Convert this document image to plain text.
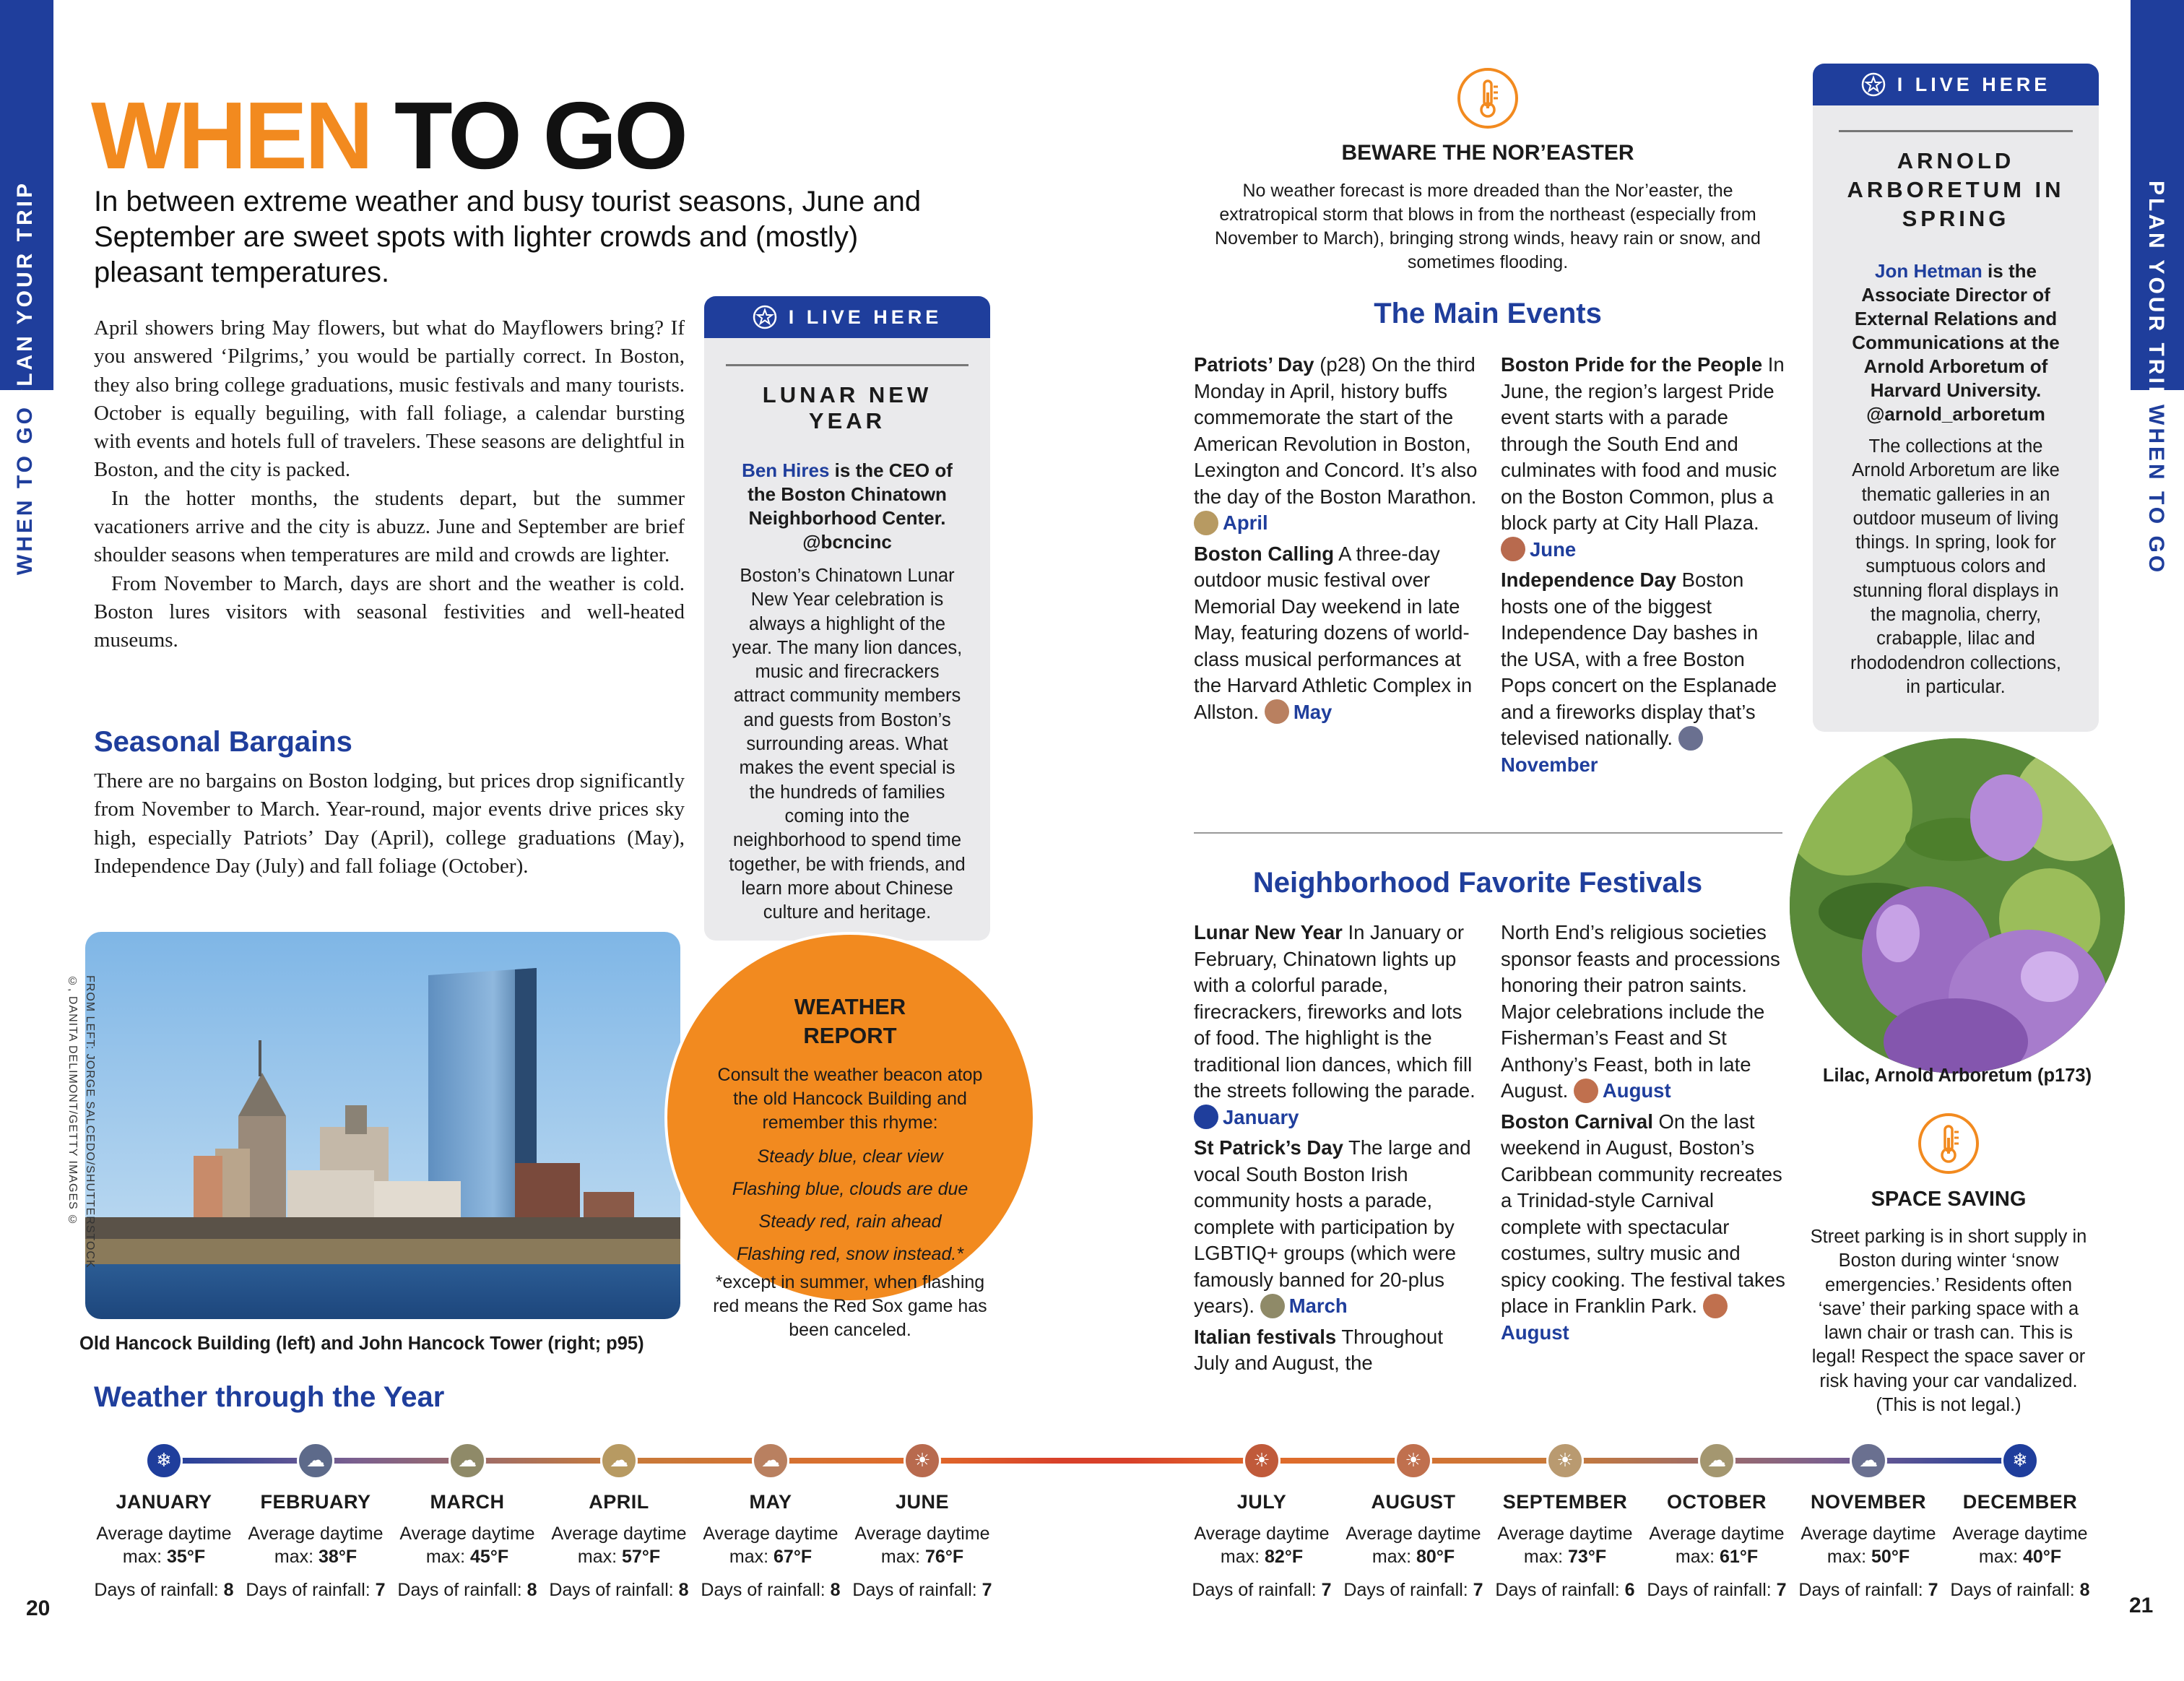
PLAN YOUR TRIP
WHEN TO GO
PLAN YOUR TRIP
WHEN TO GO
20	21
WHEN TO GO
In between extreme weather and busy tourist seasons, June and September are sweet spots with lighter crowds and (mostly) pleasant temperatures.
April showers bring May flowers, but what do Mayflowers bring? If you answered ‘Pilgrims,’ you would be partially correct. In Boston, they also bring college graduations, music festivals and many tourists. October is equally beguiling, with fall foliage, a calendar bursting with events and hotels full of travelers. These seasons are delightful in Boston, and the city is packed.
In the hotter months, the students depart, but the summer vacationers arrive and the city is abuzz. June and September are brief shoulder seasons when temperatures are mild and crowds are lighter.
From November to March, days are short and the weather is cold. Boston lures visitors with seasonal festivities and well-heated museums.
Seasonal Bargains
There are no bargains on Boston lodging, but prices drop significantly from November to March. Year-round, major events drive prices sky high, especially Patriots’ Day (April), college graduations (May), Independence Day (July) and fall foliage (October).
I LIVE HERE
LUNAR NEW YEAR
Ben Hires is the CEO of the Boston Chinatown Neighborhood Center. @bcncinc
Boston’s Chinatown Lunar New Year celebration is always a highlight of the year. The many lion dances, music and firecrackers attract community members and guests from Boston’s surrounding areas. What makes the event special is the hundreds of families coming into the neighborhood to spend time together, be with friends, and learn more about Chinese culture and heritage.
FROM LEFT: JORGE SALCEDO/SHUTTERSTOCK ©, DANITA DELIMONT/GETTY IMAGES ©
Old Hancock Building (left) and John Hancock Tower (right; p95)
WEATHER REPORT
Consult the weather beacon atop the old Hancock Building and remember this rhyme:
Steady blue, clear view
Flashing blue, clouds are due
Steady red, rain ahead
Flashing red, snow instead.*
*except in summer, when flashing red means the Red Sox game has been canceled.
BEWARE THE NOR’EASTER
No weather forecast is more dreaded than the Nor’easter, the extratropical storm that blows in from the northeast (especially from November to March), bringing strong winds, heavy rain or snow, and sometimes flooding.
The Main Events
Patriots’ Day (p28) On the third Monday in April, history buffs commemorate the start of the American Revolution in Boston, Lexington and Concord. It’s also the day of the Boston Marathon. April
Boston Calling A three-day outdoor music festival over Memorial Day weekend in late May, featuring dozens of world-class musical performances at the Harvard Athletic Complex in Allston. May
Boston Pride for the People In June, the region’s largest Pride event starts with a parade through the South End and culminates with food and music on the Boston Common, plus a block party at City Hall Plaza. June
Independence Day Boston hosts one of the biggest Independence Day bashes in the USA, with a free Boston Pops concert on the Esplanade and a fireworks display that’s televised nationally. November
Neighborhood Favorite Festivals
Lunar New Year In January or February, Chinatown lights up with a colorful parade, firecrackers, fireworks and lots of food. The highlight is the traditional lion dances, which fill the streets following the parade. January
St Patrick’s Day The large and vocal South Boston Irish community hosts a parade, complete with participation by LGBTIQ+ groups (which were famously banned for 20-plus years). March
Italian festivals Throughout July and August, the
North End’s religious societies sponsor feasts and processions honoring their patron saints. Major celebrations include the Fisherman’s Feast and St Anthony’s Feast, both in late August. August
Boston Carnival On the last weekend in August, Boston’s Caribbean community recreates a Trinidad-style Carnival complete with spectacular costumes, sultry music and spicy cooking. The festival takes place in Franklin Park. August
I LIVE HERE
ARNOLD ARBORETUM IN SPRING
Jon Hetman is the Associate Director of External Relations and Communications at the Arnold Arboretum of Harvard University. @arnold_arboretum
The collections at the Arnold Arboretum are like thematic galleries in an outdoor museum of living things. In spring, look for sumptuous colors and stunning floral displays in the magnolia, cherry, crabapple, lilac and rhododendron collections, in particular.
Lilac, Arnold Arboretum (p173)
SPACE SAVING
Street parking is in short supply in Boston during winter ‘snow emergencies.’ Residents often ‘save’ their parking space with a lawn chair or trash can. This is legal! Respect the space saver or risk having your car vandalized. (This is not legal.)
Weather through the Year
❄
JANUARY
Average daytime max: 35°F
Days of rainfall: 8
☁
FEBRUARY
Average daytime max: 38°F
Days of rainfall: 7
☁
MARCH
Average daytime max: 45°F
Days of rainfall: 8
☁
APRIL
Average daytime max: 57°F
Days of rainfall: 8
☁
MAY
Average daytime max: 67°F
Days of rainfall: 8
☀
JUNE
Average daytime max: 76°F
Days of rainfall: 7
☀
JULY
Average daytime max: 82°F
Days of rainfall: 7
☀
AUGUST
Average daytime max: 80°F
Days of rainfall: 7
☀
SEPTEMBER
Average daytime max: 73°F
Days of rainfall: 6
☁
OCTOBER
Average daytime max: 61°F
Days of rainfall: 7
☁
NOVEMBER
Average daytime max: 50°F
Days of rainfall: 7
❄
DECEMBER
Average daytime max: 40°F
Days of rainfall: 8
